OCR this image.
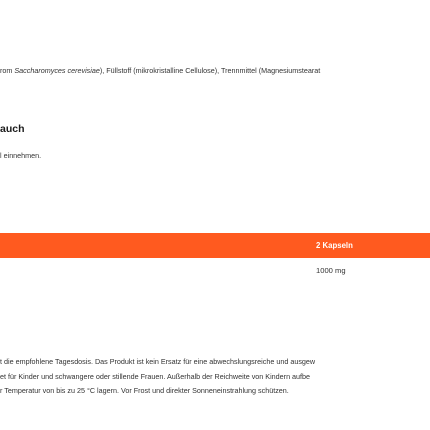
rom Saccharomyces cerevisiae), Füllstoff (mikrokristalline Cellulose), Trennmittel (Magnesiumstearat
auch
l einnehmen.
2 Kapseln
1000 mg
t die empfohlene Tagesdosis. Das Produkt ist kein Ersatz für eine abwechslungsreiche und ausgew
et für Kinder und schwangere oder stillende Frauen. Außerhalb der Reichweite von Kindern aufbe
r Temperatur von bis zu 25 °C lagern. Vor Frost und direkter Sonneneinstrahlung schützen.
